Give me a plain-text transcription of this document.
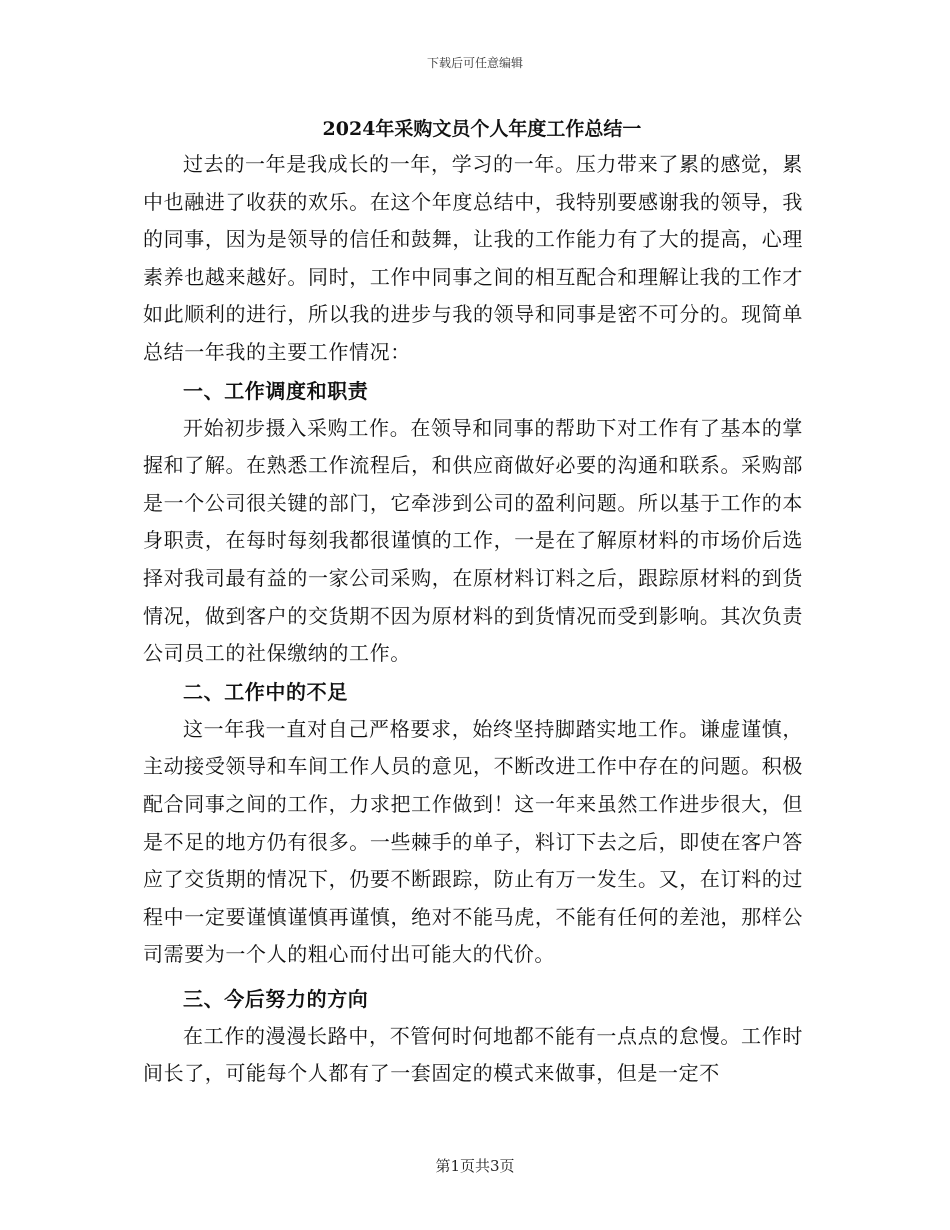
下载后可任意编辑
2024年采购文员个人年度工作总结一

过去的一年是我成长的一年，学习的一年。压力带来了累的感觉，累中也融进了收获的欢乐。在这个年度总结中，我特别要感谢我的领导，我的同事，因为是领导的信任和鼓舞，让我的工作能力有了大的提高，心理素养也越来越好。同时，工作中同事之间的相互配合和理解让我的工作才如此顺利的进行，所以我的进步与我的领导和同事是密不可分的。现简单总结一年我的主要工作情况：

一、工作调度和职责

开始初步摄入采购工作。在领导和同事的帮助下对工作有了基本的掌握和了解。在熟悉工作流程后，和供应商做好必要的沟通和联系。采购部是一个公司很关键的部门，它牵涉到公司的盈利问题。所以基于工作的本身职责，在每时每刻我都很谨慎的工作，一是在了解原材料的市场价后选择对我司最有益的一家公司采购，在原材料订料之后，跟踪原材料的到货情况，做到客户的交货期不因为原材料的到货情况而受到影响。其次负责公司员工的社保缴纳的工作。

二、工作中的不足

这一年我一直对自己严格要求，始终坚持脚踏实地工作。谦虚谨慎，主动接受领导和车间工作人员的意见，不断改进工作中存在的问题。积极配合同事之间的工作，力求把工作做到！这一年来虽然工作进步很大，但是不足的地方仍有很多。一些棘手的单子，料订下去之后，即使在客户答应了交货期的情况下，仍要不断跟踪，防止有万一发生。又，在订料的过程中一定要谨慎谨慎再谨慎，绝对不能马虎，不能有任何的差池，那样公司需要为一个人的粗心而付出可能大的代价。

三、今后努力的方向

在工作的漫漫长路中，不管何时何地都不能有一点点的怠慢。工作时间长了，可能每个人都有了一套固定的模式来做事，但是一定不

第1页共3页
